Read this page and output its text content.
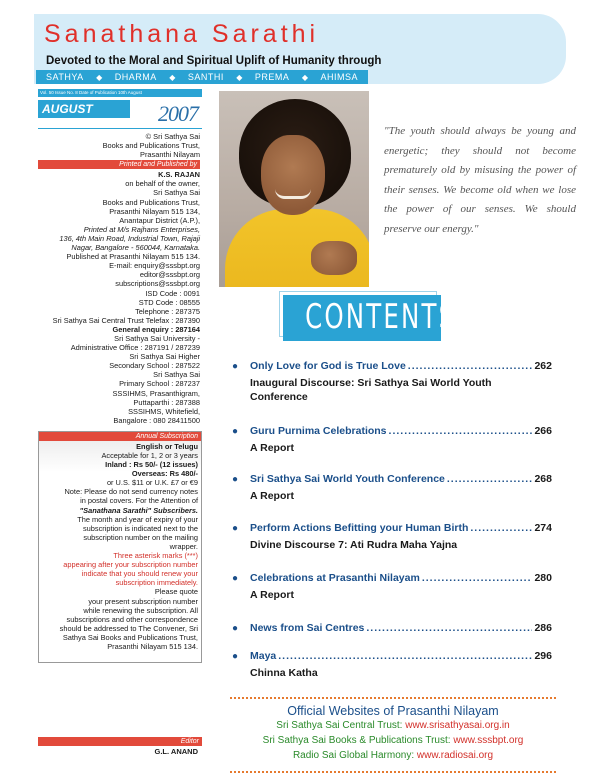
Sanathana Sarathi
Devoted to the Moral and Spiritual Uplift of Humanity through
SATHYA ◆ DHARMA ◆ SANTHI ◆ PREMA ◆ AHIMSA
Vol. 50 Issue No. 8 Date of Publication 10th August
AUGUST	2007
© Sri Sathya Sai
Books and Publications Trust,
Prasanthi Nilayam
Printed and Published by
K.S. RAJAN
on behalf of the owner,
Sri Sathya Sai
Books and Publications Trust,
Prasanthi Nilayam 515 134,
Anantapur District (A.P.),
Printed at M/s Rajhans Enterprises,
136, 4th Main Road, Industrial Town, Rajaji
Nagar, Bangalore - 560044, Karnataka.
Published at Prasanthi Nilayam 515 134.
E-mail: enquiry@sssbpt.org
editor@sssbpt.org
subscriptions@sssbpt.org
ISD Code : 0091
STD Code : 08555
Telephone : 287375
Sri Sathya Sai Central Trust Telefax : 287390
General enquiry : 287164
Sri Sathya Sai University -
Administrative Office : 287191 / 287239
Sri Sathya Sai Higher
Secondary School : 287522
Sri Sathya Sai
Primary School : 287237
SSSIHMS, Prasanthigram,
Puttaparthi : 287388
SSSIHMS, Whitefield,
Bangalore : 080 28411500
Annual Subscription
English or Telugu
Acceptable for 1, 2 or 3 years
Inland : Rs 50/- (12 issues)
Overseas: Rs 480/-
or U.S. $11 or U.K. £7 or €9
Note: Please do not send currency notes
in postal covers. For the Attention of
"Sanathana Sarathi" Subscribers.
The month and year of expiry of your
subscription is indicated next to the
subscription number on the mailing
wrapper.
Three asterisk marks (***)
appearing after your subscription number
indicate that you should renew your
subscription immediately.
Please quote
your present subscription number
while renewing the subscription. All
subscriptions and other correspondence
should be addressed to The Convener, Sri
Sathya Sai Books and Publications Trust,
Prasanthi Nilayam 515 134.
Editor
G.L. ANAND
"The youth should always be young and energetic; they should not become prematurely old by misusing the power of their senses. We become old when we lose the power of our senses. We should preserve our energy."
CONTENTS
●	Only Love for God is True Love .....	262
Inaugural Discourse: Sri Sathya Sai World Youth Conference
●	Guru Purnima Celebrations .....	266
A Report
●	Sri Sathya Sai World Youth Conference .....	268
A Report
●	Perform Actions Befitting your Human Birth .....	274
Divine Discourse 7: Ati Rudra Maha Yajna
●	Celebrations at Prasanthi Nilayam .....	280
A Report
●	News from Sai Centres .....	286
●	Maya .....	296
Chinna Katha
Official Websites of Prasanthi Nilayam
Sri Sathya Sai Central Trust: www.srisathyasai.org.in
Sri Sathya Sai Books & Publications Trust: www.sssbpt.org
Radio Sai Global Harmony: www.radiosai.org
